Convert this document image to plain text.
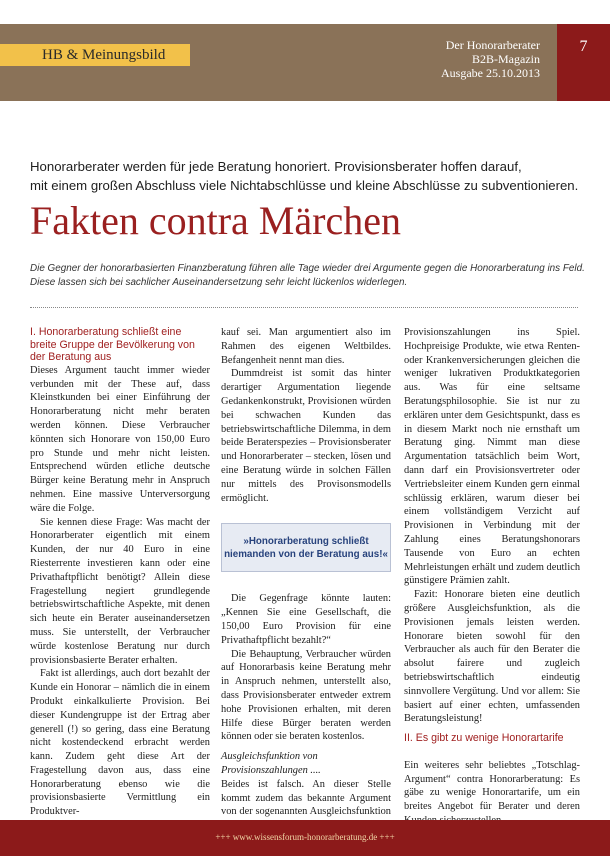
HB & Meinungsbild
Der Honorarberater
B2B-Magazin
Ausgabe 25.10.2013
7
Honorarberater werden für jede Beratung honoriert. Provisionsberater hoffen darauf,
mit einem großen Abschluss viele Nichtabschlüsse und kleine Abschlüsse zu subventionieren.
Fakten contra Märchen
Die Gegner der honorarbasierten Finanzberatung führen alle Tage wieder drei Argumente gegen die Honorarberatung ins Feld.
Diese lassen sich bei sachlicher Auseinandersetzung sehr leicht lückenlos widerlegen.

I. Honorarberatung schließt eine breite Gruppe der Bevölkerung von der Beratung aus

Dieses Argument taucht immer wieder verbunden mit der These auf, dass Kleinstkunden bei einer Einführung der Honorarberatung nicht mehr beraten werden können. Diese Verbraucher könnten sich Honorare von 150,00 Euro pro Stunde und mehr nicht leisten. Entsprechend würden etliche deutsche Bürger keine Beratung mehr in Anspruch nehmen. Eine massive Unterversorgung wäre die Folge.

Sie kennen diese Frage: Was macht der Honorarberater eigentlich mit einem Kunden, der nur 40 Euro in eine Riesterrente investieren kann oder eine Privathaftpflicht benötigt? Allein diese Fragestellung negiert grundlegende betriebswirtschaftliche Aspekte, mit denen sich heute ein Berater auseinandersetzen muss. Sie unterstellt, der Verbraucher würde kostenlose Beratung nur durch provisionsbasierte Berater erhalten.

Fakt ist allerdings, auch dort bezahlt der Kunde ein Honorar – nämlich die in einem Produkt einkalkulierte Provision. Bei dieser Kundengruppe ist der Ertrag aber generell (!) so gering, dass eine Beratung nicht kostendeckend erbracht werden kann. Zudem geht diese Art der Fragestellung davon aus, dass eine Honorarberatung ebenso wie die provisionsbasierte Vermittlung ein Produktver-

kauf sei. Man argumentiert also im Rahmen des eigenen Weltbildes. Befangenheit nennt man dies.

Dummdreist ist somit das hinter derartiger Argumentation liegende Gedankenkonstrukt, Provisionen würden bei schwachen Kunden das betriebswirtschaftliche Dilemma, in dem beide Beraterspezies – Provisionsberater und Honorarberater – stecken, lösen und eine Beratung würde in solchen Fällen nur mittels des Provisonsmodells ermöglicht.

»Honorarberatung schließt
niemanden von der Beratung aus!«

Die Gegenfrage könnte lauten: „Kennen Sie eine Gesellschaft, die 150,00 Euro Provision für eine Privathaftpflicht bezahlt?“

Die Behauptung, Verbraucher würden auf Honorarbasis keine Beratung mehr in Anspruch nehmen, unterstellt also, dass Provisionsberater entweder extrem hohe Provisionen erhalten, mit deren Hilfe diese Bürger beraten werden können oder sie beraten kostenlos.

Ausgleichsfunktion von
Provisionszahlungen ....

Beides ist falsch. An dieser Stelle kommt zudem das bekannte Argument von der sogenannten Ausgleichsfunktion

Provisionszahlungen ins Spiel. Hochpreisige Produkte, wie etwa Renten- oder Krankenversicherungen gleichen die weniger lukrativen Produktkategorien aus. Was für eine seltsame Beratungsphilosophie. Sie ist nur zu erklären unter dem Gesichtspunkt, dass es in diesem Markt noch nie ernsthaft um Beratung ging. Nimmt man diese Argumentation tatsächlich beim Wort, dann darf ein Provisionsvertreter oder Vertriebsleiter einem Kunden gern einmal schlüssig erklären, warum dieser bei einem vollständigem Verzicht auf Provisionen in Verbindung mit der Zahlung eines Beratungshonorars Tausende von Euro an echten Mehrleistungen erhält und zudem deutlich günstigere Prämien zahlt.

Fazit: Honorare bieten eine deutlich größere Ausgleichsfunktion, als die Provisionen jemals leisten werden. Honorare bieten sowohl für den Verbraucher als auch für den Berater die absolut fairere und zugleich betriebswirtschaftlich eindeutig sinnvollere Vergütung. Und vor allem: Sie basiert auf einer echten, umfassenden Beratungsleistung!

II. Es gibt zu wenige Honorartarife

Ein weiteres sehr beliebtes „Totschlag-Argument“ contra Honorarberatung: Es gäbe zu wenige Honorartarife, um ein breites Angebot für Berater und deren

+++ www.wissensforum-honorarberatung.de +++
